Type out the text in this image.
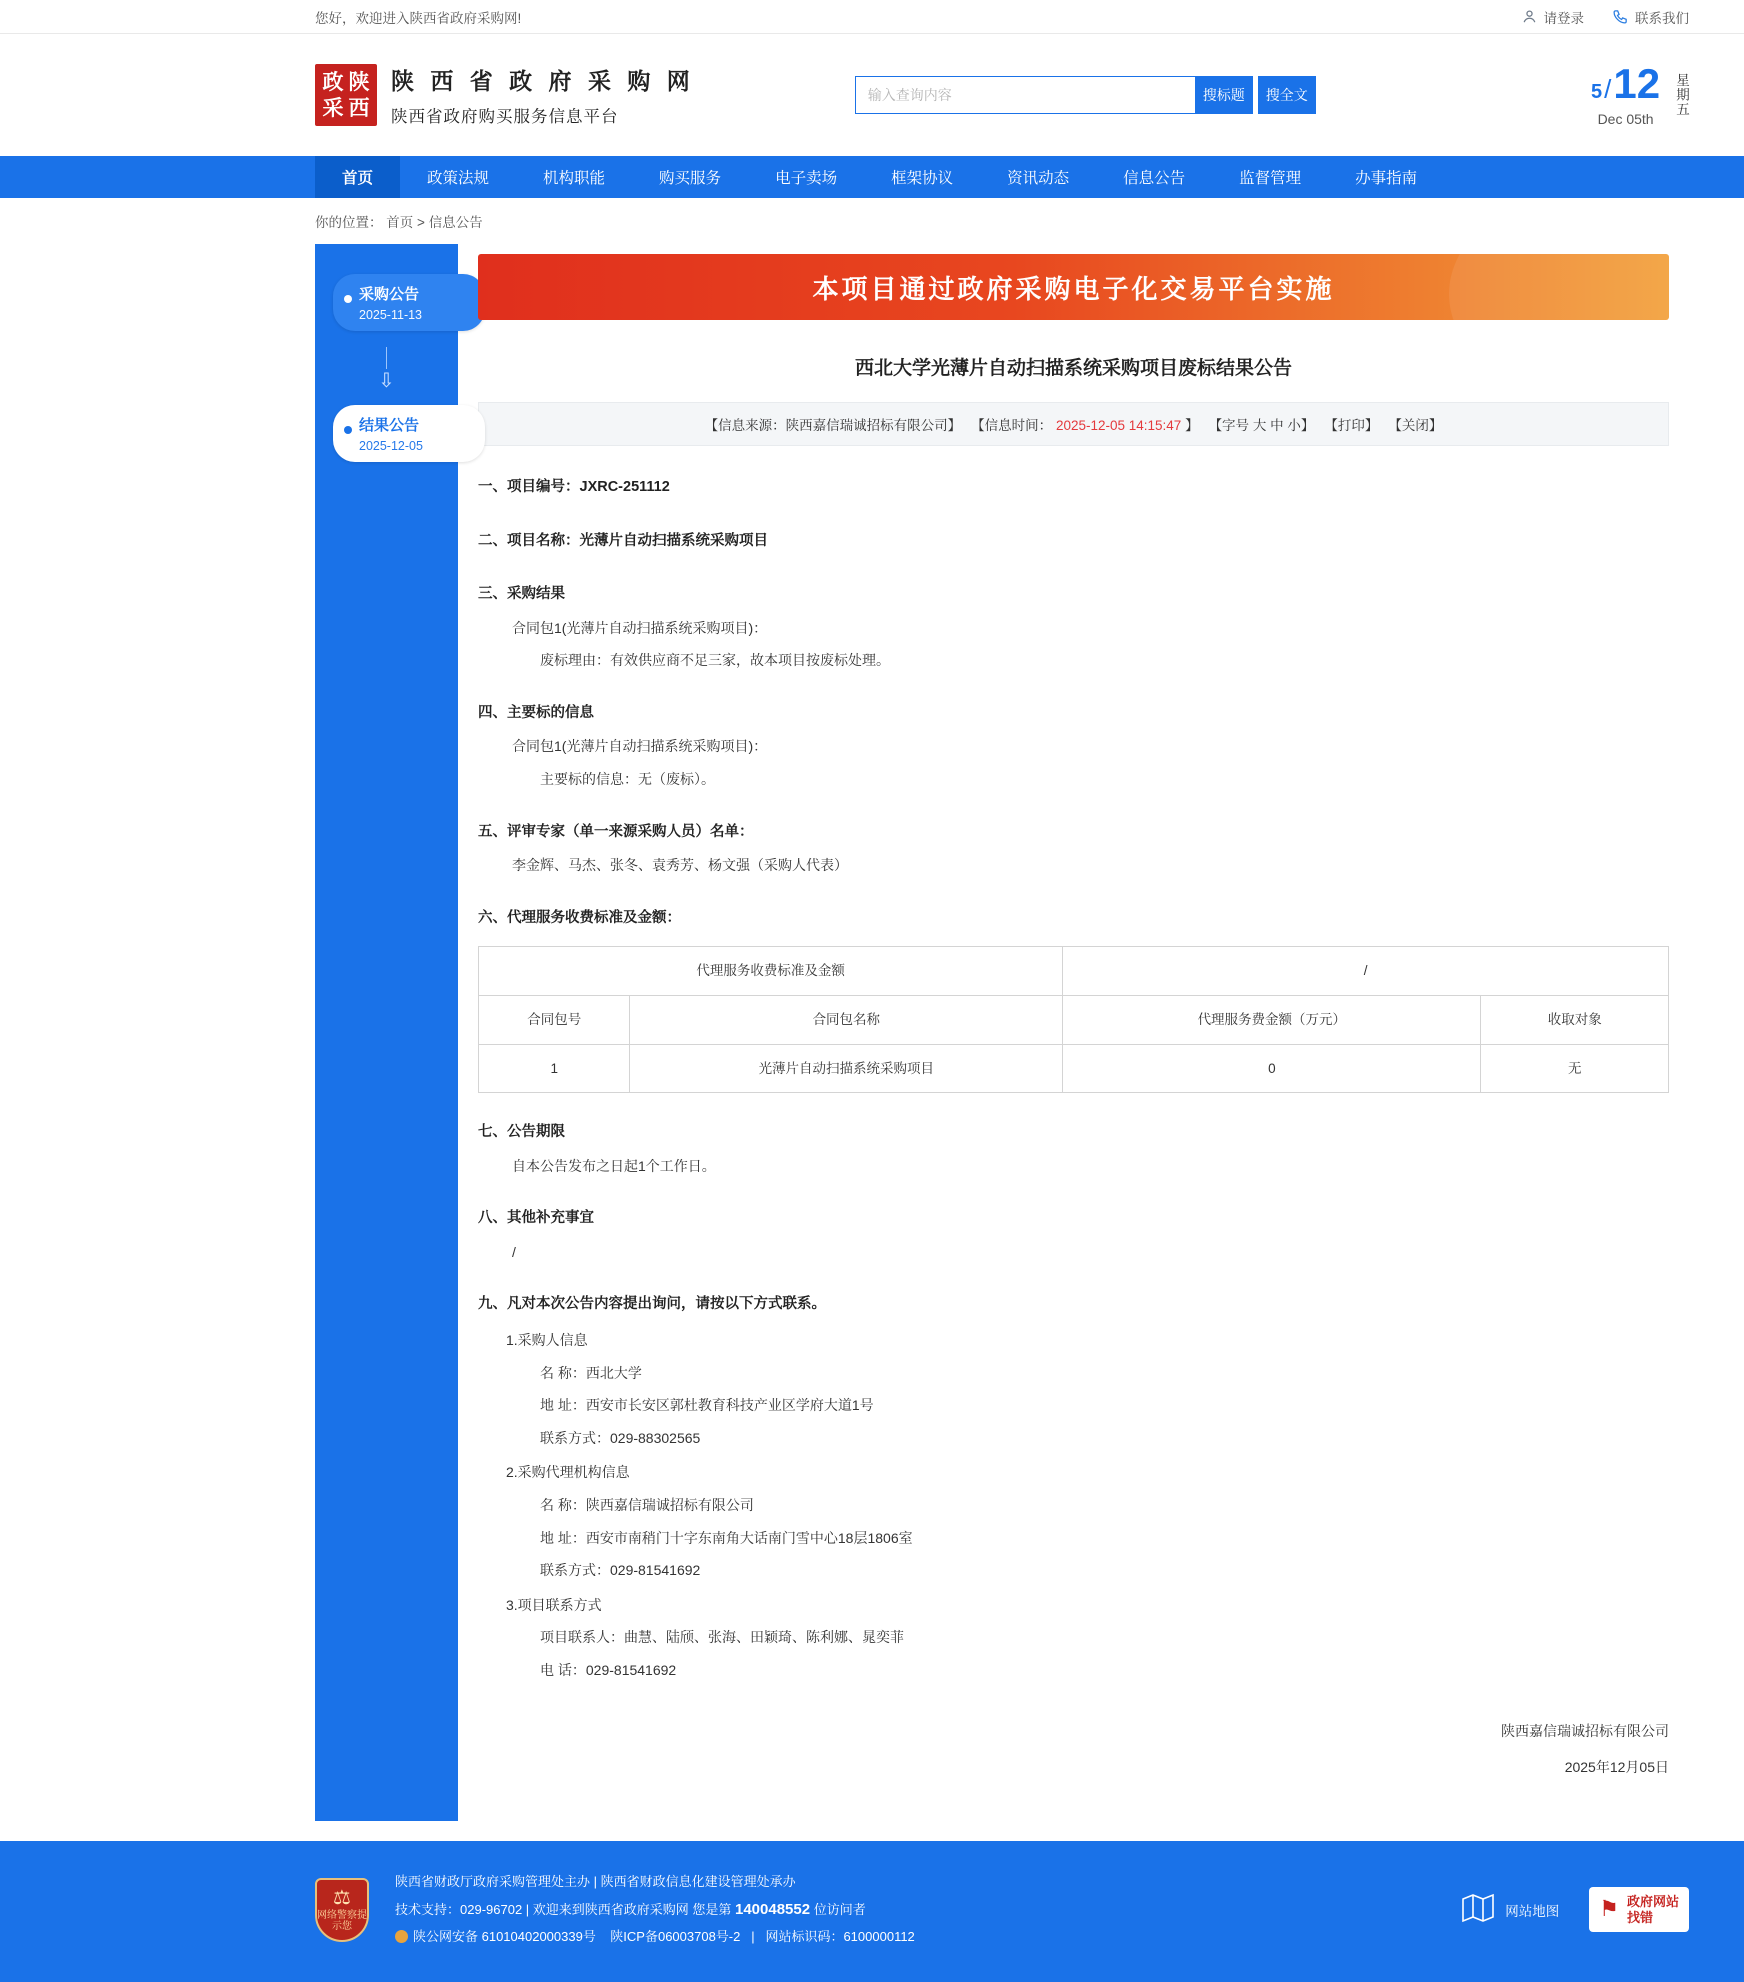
您好，欢迎进入陕西省政府采购网!	请登录	联系我们
政 陕
采 西
陕 西 省 政 府 采 购 网
陕西省政府购买服务信息平台
输入查询内容
搜标题	搜全文	5 / 12
Dec 05th
星期五
首页	政策法规	机构职能	购买服务	电子卖场	框架协议	资讯动态	信息公告	监督管理	办事指南
你的位置： 首页 > 信息公告
采购公告
2025-11-13
⇩
结果公告
2025-12-05
本项目通过政府采购电子化交易平台实施
西北大学光薄片自动扫描系统采购项目废标结果公告
【信息来源：陕西嘉信瑞诚招标有限公司】 【信息时间： 2025-12-05 14:15:47 】 【字号 大 中 小】 【打印】 【关闭】
一、项目编号：JXRC-251112
二、项目名称：光薄片自动扫描系统采购项目
三、采购结果
合同包1(光薄片自动扫描系统采购项目)：
废标理由：有效供应商不足三家，故本项目按废标处理。
四、主要标的信息
合同包1(光薄片自动扫描系统采购项目)：
主要标的信息：无（废标）。
五、评审专家（单一来源采购人员）名单：
李金辉、马杰、张冬、袁秀芳、杨文强（采购人代表）
六、代理服务收费标准及金额：
代理服务收费标准及金额		/	
合同包号	合同包名称	代理服务费金额（万元）	收取对象
1	光薄片自动扫描系统采购项目	0	无
七、公告期限
自本公告发布之日起1个工作日。
八、其他补充事宜
/
九、凡对本次公告内容提出询问，请按以下方式联系。
1.采购人信息
名 称：西北大学
地 址：西安市长安区郭杜教育科技产业区学府大道1号
联系方式：029-88302565
2.采购代理机构信息
名 称：陕西嘉信瑞诚招标有限公司
地 址：西安市南稍门十字东南角大话南门雪中心18层1806室
联系方式：029-81541692
3.项目联系方式
项目联系人：曲慧、陆颀、张海、田颖琦、陈利娜、晁奕菲
电 话：029-81541692
陕西嘉信瑞诚招标有限公司
2025年12月05日
⚖
网络警察提示您
陕西省财政厅政府采购管理处主办 | 陕西省财政信息化建设管理处承办
技术支持：029-96702 | 欢迎来到陕西省政府采购网 您是第 140048552 位访问者
陕公网安备 61010402000339号 陕ICP备06003708号-2 | 网站标识码：6100000112
网站地图 ⚑ 政府网站
找错
